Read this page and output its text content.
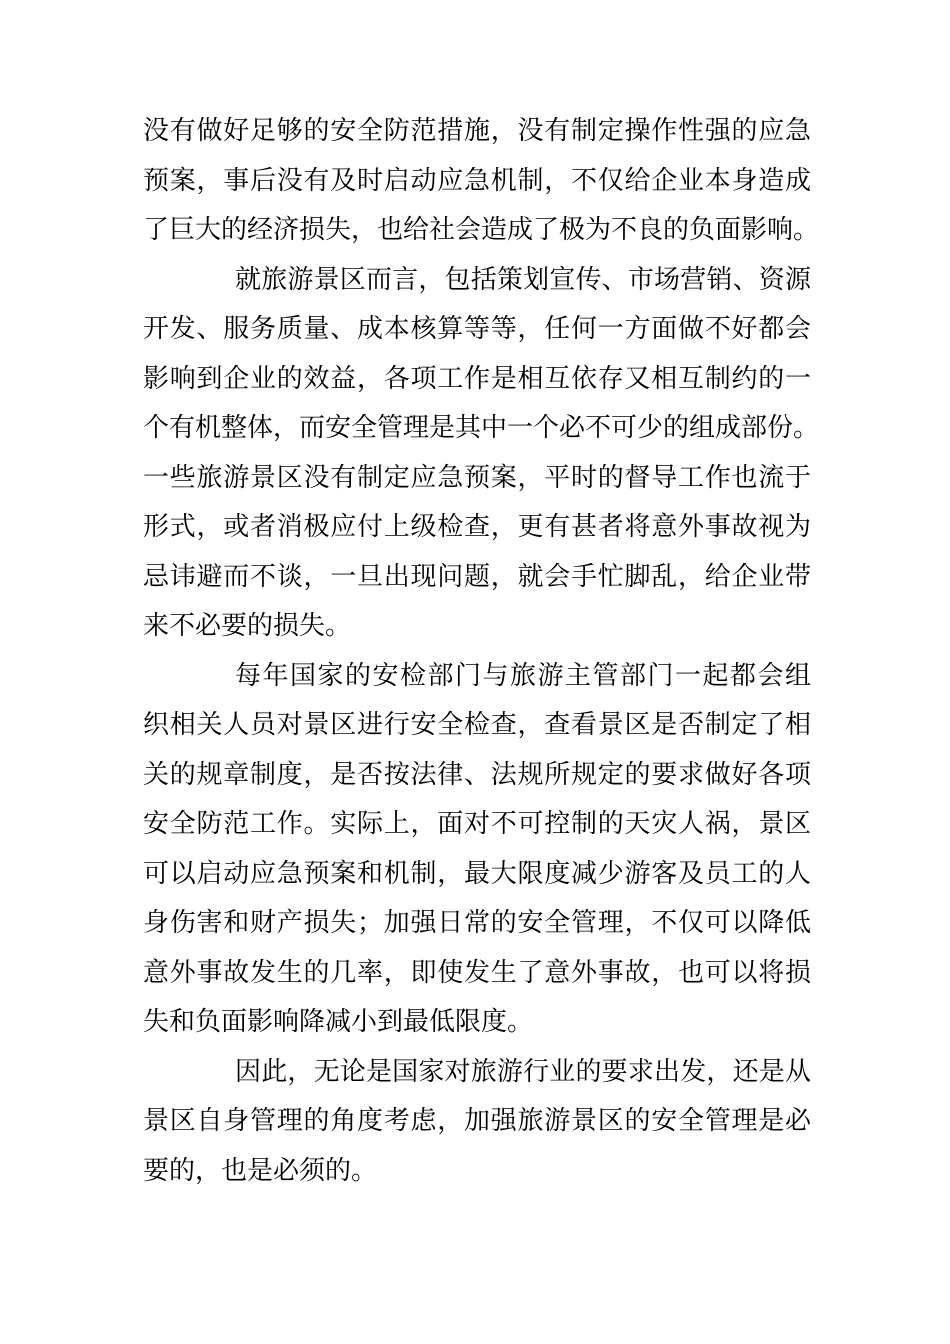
没有做好足够的安全防范措施，没有制定操作性强的应急
预案，事后没有及时启动应急机制，不仅给企业本身造成
了巨大的经济损失，也给社会造成了极为不良的负面影响。

就旅游景区而言，包括策划宣传、市场营销、资源
开发、服务质量、成本核算等等，任何一方面做不好都会
影响到企业的效益，各项工作是相互依存又相互制约的一
个有机整体，而安全管理是其中一个必不可少的组成部份。
一些旅游景区没有制定应急预案，平时的督导工作也流于
形式，或者消极应付上级检查，更有甚者将意外事故视为
忌讳避而不谈，一旦出现问题，就会手忙脚乱，给企业带
来不必要的损失。

每年国家的安检部门与旅游主管部门一起都会组
织相关人员对景区进行安全检查，查看景区是否制定了相
关的规章制度，是否按法律、法规所规定的要求做好各项
安全防范工作。实际上，面对不可控制的天灾人祸，景区
可以启动应急预案和机制，最大限度减少游客及员工的人
身伤害和财产损失；加强日常的安全管理，不仅可以降低
意外事故发生的几率，即使发生了意外事故，也可以将损
失和负面影响降减小到最低限度。

因此，无论是国家对旅游行业的要求出发，还是从
景区自身管理的角度考虑，加强旅游景区的安全管理是必
要的，也是必须的。
